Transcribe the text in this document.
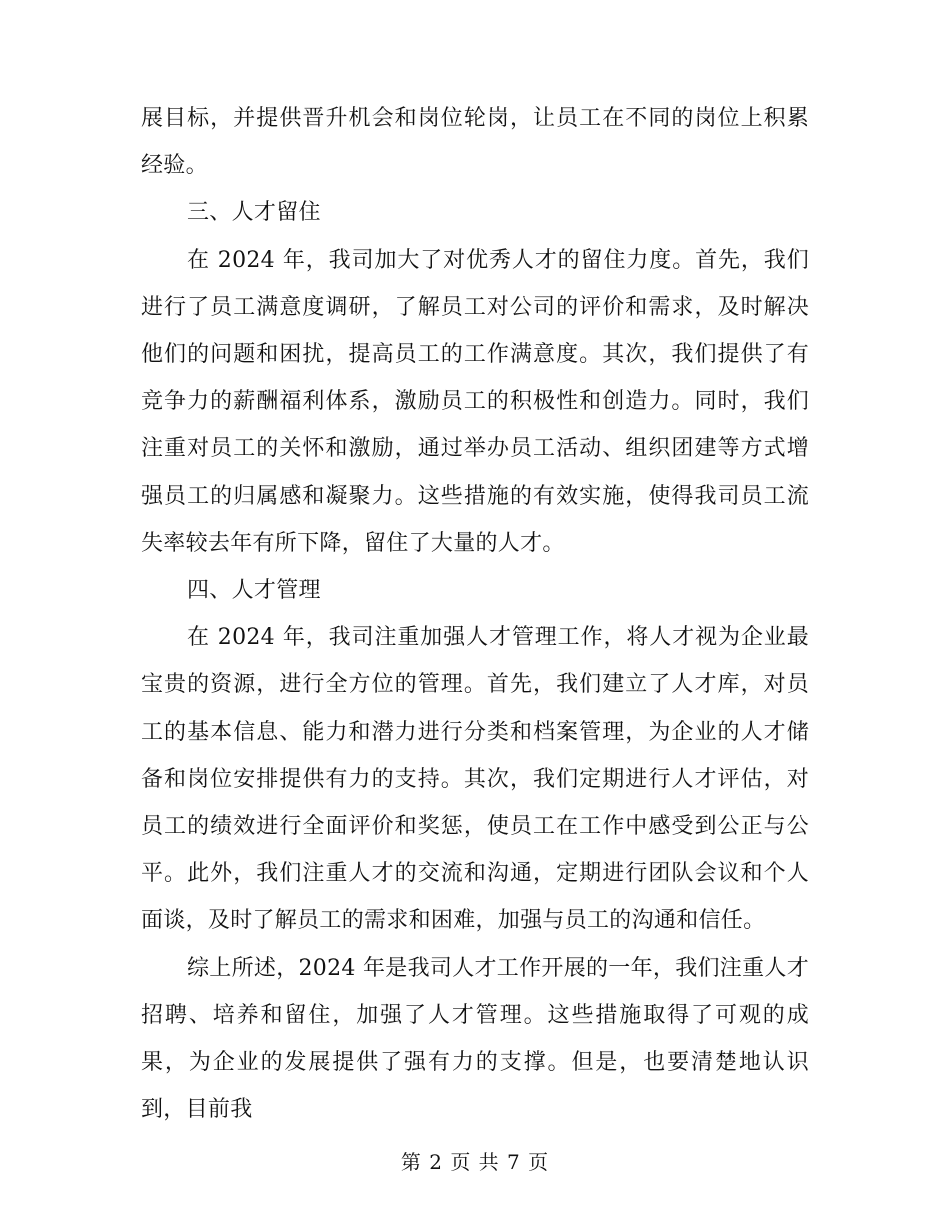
展目标，并提供晋升机会和岗位轮岗，让员工在不同的岗位上积累经验。

三、人才留住

在 2024 年，我司加大了对优秀人才的留住力度。首先，我们进行了员工满意度调研，了解员工对公司的评价和需求，及时解决他们的问题和困扰，提高员工的工作满意度。其次，我们提供了有竞争力的薪酬福利体系，激励员工的积极性和创造力。同时，我们注重对员工的关怀和激励，通过举办员工活动、组织团建等方式增强员工的归属感和凝聚力。这些措施的有效实施，使得我司员工流失率较去年有所下降，留住了大量的人才。

四、人才管理

在 2024 年，我司注重加强人才管理工作，将人才视为企业最宝贵的资源，进行全方位的管理。首先，我们建立了人才库，对员工的基本信息、能力和潜力进行分类和档案管理，为企业的人才储备和岗位安排提供有力的支持。其次，我们定期进行人才评估，对员工的绩效进行全面评价和奖惩，使员工在工作中感受到公正与公平。此外，我们注重人才的交流和沟通，定期进行团队会议和个人面谈，及时了解员工的需求和困难，加强与员工的沟通和信任。

综上所述，2024 年是我司人才工作开展的一年，我们注重人才招聘、培养和留住，加强了人才管理。这些措施取得了可观的成果，为企业的发展提供了强有力的支撑。但是，也要清楚地认识到，目前我

第 2 页 共 7 页
